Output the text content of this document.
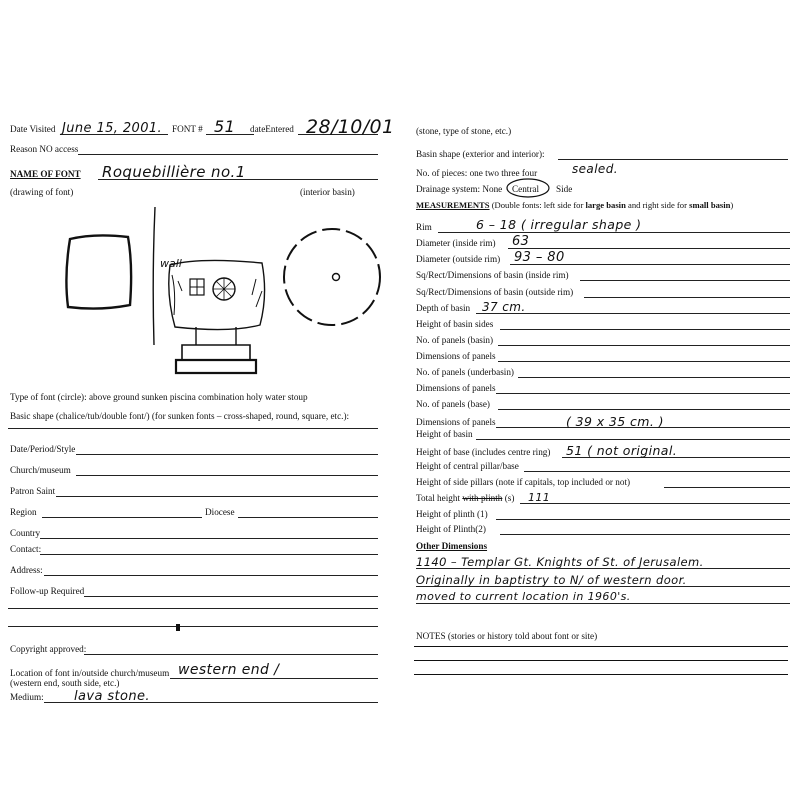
Date Visited June 15, 2001. FONT # 51 dateEntered 28/10/01
Reason NO access
NAME OF FONT Roquebillière no.1
(drawing of font)	(interior basin)
wall
Type of font (circle): above ground sunken piscina combination holy water stoup
Basic shape (chalice/tub/double font/) (for sunken fonts – cross-shaped, round, square, etc.):
Date/Period/Style
Church/museum
Patron Saint
Region	Diocese
Country
Contact:
Address:
Follow-up Required
Copyright approved:
Location of font in/outside church/museum western end /
(western end, south side, etc.)
Medium: lava stone.
(stone, type of stone, etc.)
Basin shape (exterior and interior):
No. of pieces: one two three four	sealed.
Drainage system: None Central Side
MEASUREMENTS (Double fonts: left side for large basin and right side for small basin)
Rim	6 – 18 ( irregular shape )
Diameter (inside rim) 63
Diameter (outside rim) 93 – 80
Sq/Rect/Dimensions of basin (inside rim)
Sq/Rect/Dimensions of basin (outside rim)
Depth of basin 37 cm.
Height of basin sides
No. of panels (basin)
Dimensions of panels
No. of panels (underbasin)
Dimensions of panels
No. of panels (base)
Dimensions of panels	( 39 x 35 cm. )
Height of basin
Height of base (includes centre ring) 51 ( not original.
Height of central pillar/base
Height of side pillars (note if capitals, top included or not)
Total height with plinth (s) 111
Height of plinth (1)
Height of Plinth(2)
Other Dimensions
1140 – Templar Gt. Knights of St. of Jerusalem.
Originally in baptistry to N/ of western door.
moved to current location in 1960's.
NOTES (stories or history told about font or site)
